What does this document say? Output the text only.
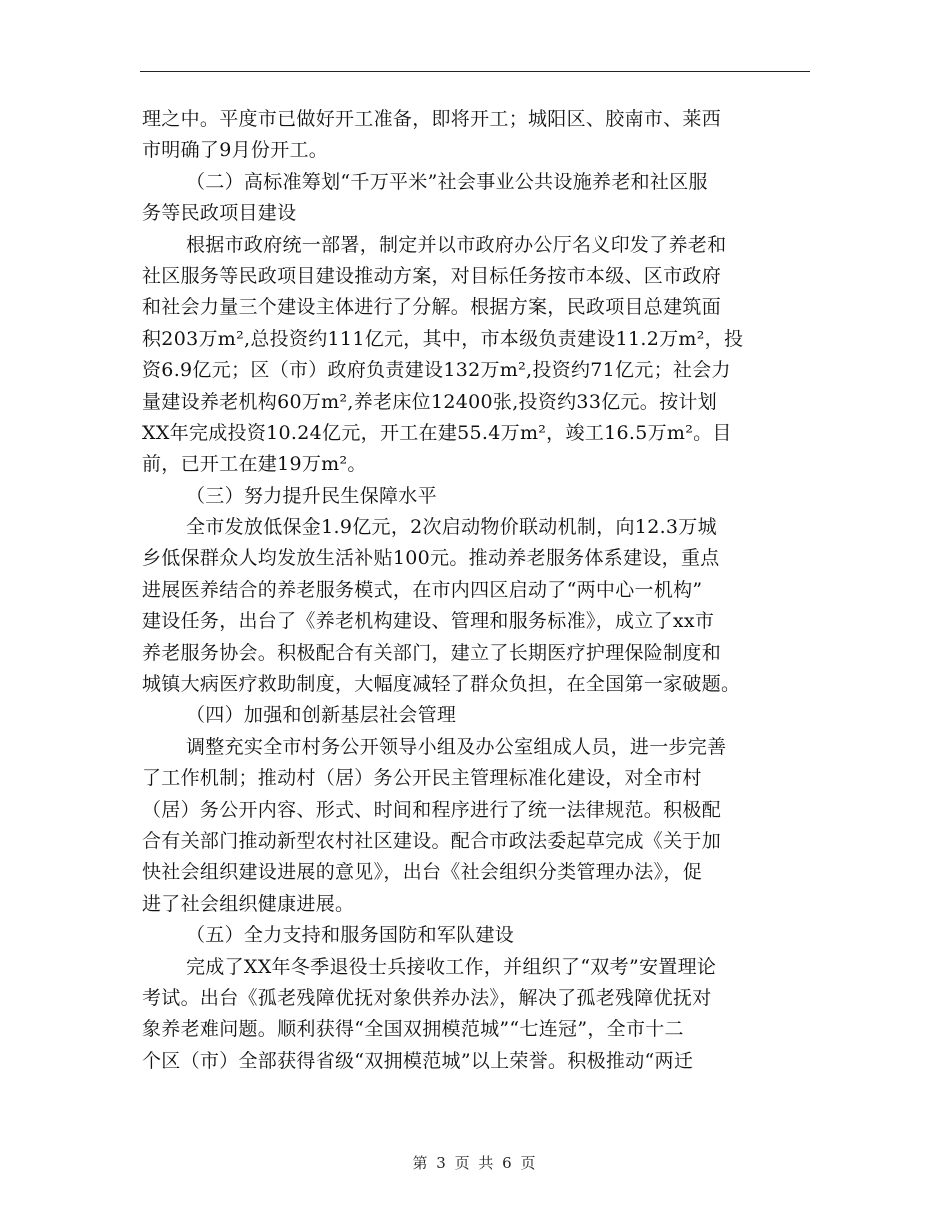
理之中。平度市已做好开工准备，即将开工；城阳区、胶南市、莱西
市明确了9月份开工。
（二）高标准筹划“千万平米”社会事业公共设施养老和社区服
务等民政项目建设
根据市政府统一部署，制定并以市政府办公厅名义印发了养老和
社区服务等民政项目建设推动方案，对目标任务按市本级、区市政府
和社会力量三个建设主体进行了分解。根据方案，民政项目总建筑面
积203万m²,总投资约111亿元，其中，市本级负责建设11.2万m²，投
资6.9亿元；区（市）政府负责建设132万m²,投资约71亿元；社会力
量建设养老机构60万m²,养老床位12400张,投资约33亿元。按计划
XX年完成投资10.24亿元，开工在建55.4万m²，竣工16.5万m²。目
前，已开工在建19万m²。
（三）努力提升民生保障水平
全市发放低保金1.9亿元，2次启动物价联动机制，向12.3万城
乡低保群众人均发放生活补贴100元。推动养老服务体系建设，重点
进展医养结合的养老服务模式，在市内四区启动了“两中心一机构”
建设任务，出台了《养老机构建设、管理和服务标准》，成立了xx市
养老服务协会。积极配合有关部门，建立了长期医疗护理保险制度和
城镇大病医疗救助制度，大幅度减轻了群众负担，在全国第一家破题。
（四）加强和创新基层社会管理
调整充实全市村务公开领导小组及办公室组成人员，进一步完善
了工作机制；推动村（居）务公开民主管理标准化建设，对全市村
（居）务公开内容、形式、时间和程序进行了统一法律规范。积极配
合有关部门推动新型农村社区建设。配合市政法委起草完成《关于加
快社会组织建设进展的意见》，出台《社会组织分类管理办法》，促
进了社会组织健康进展。
（五）全力支持和服务国防和军队建设
完成了XX年冬季退役士兵接收工作，并组织了“双考”安置理论
考试。出台《孤老残障优抚对象供养办法》，解决了孤老残障优抚对
象养老难问题。顺利获得“全国双拥模范城”“七连冠”，全市十二
个区（市）全部获得省级“双拥模范城”以上荣誉。积极推动“两迁
第 3 页 共 6 页
